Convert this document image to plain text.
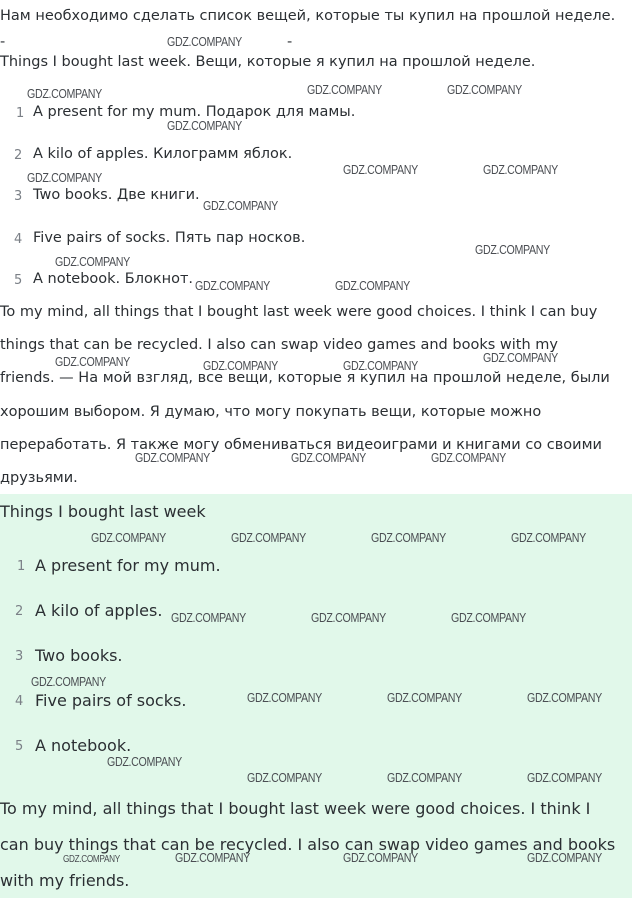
Нам необходимо сделать список вещей, которые ты купил на прошлой неделе.
-	-
Things I bought last week. Вещи, которые я купил на прошлой неделе.
1 A present for my mum. Подарок для мамы.
2 A kilo of apples. Килограмм яблок.
3 Two books. Две книги.
4 Five pairs of socks. Пять пар носков.
5 A notebook. Блокнот.
To my mind, all things that I bought last week were good choices. I think I can buy
things that can be recycled. I also can swap video games and books with my
friends. — На мой взгляд, все вещи, которые я купил на прошлой неделе, были
хорошим выбором. Я думаю, что могу покупать вещи, которые можно
переработать. Я также могу обмениваться видеоиграми и книгами со своими
друзьями.
Things I bought last week
1 A present for my mum.
2 A kilo of apples.
3 Two books.
4 Five pairs of socks.
5 A notebook.
To my mind, all things that I bought last week were good choices. I think I
can buy things that can be recycled. I also can swap video games and books
with my friends.
GDZ.COMPANY
GDZ.COMPANY	GDZ.COMPANY	GDZ.COMPANY
GDZ.COMPANY
GDZ.COMPANY	GDZ.COMPANY
GDZ.COMPANY
GDZ.COMPANY
GDZ.COMPANY
GDZ.COMPANY
GDZ.COMPANY	GDZ.COMPANY
GDZ.COMPANY	GDZ.COMPANY
GDZ.COMPANY	GDZ.COMPANY
GDZ.COMPANY	GDZ.COMPANY	GDZ.COMPANY
GDZ.COMPANY	GDZ.COMPANY	GDZ.COMPANY	GDZ.COMPANY
GDZ.COMPANY	GDZ.COMPANY	GDZ.COMPANY
GDZ.COMPANY
GDZ.COMPANY	GDZ.COMPANY	GDZ.COMPANY
GDZ.COMPANY
GDZ.COMPANY	GDZ.COMPANY	GDZ.COMPANY
GDZ.COMPANY	GDZ.COMPANY	GDZ.COMPANY	GDZ.COMPANY
